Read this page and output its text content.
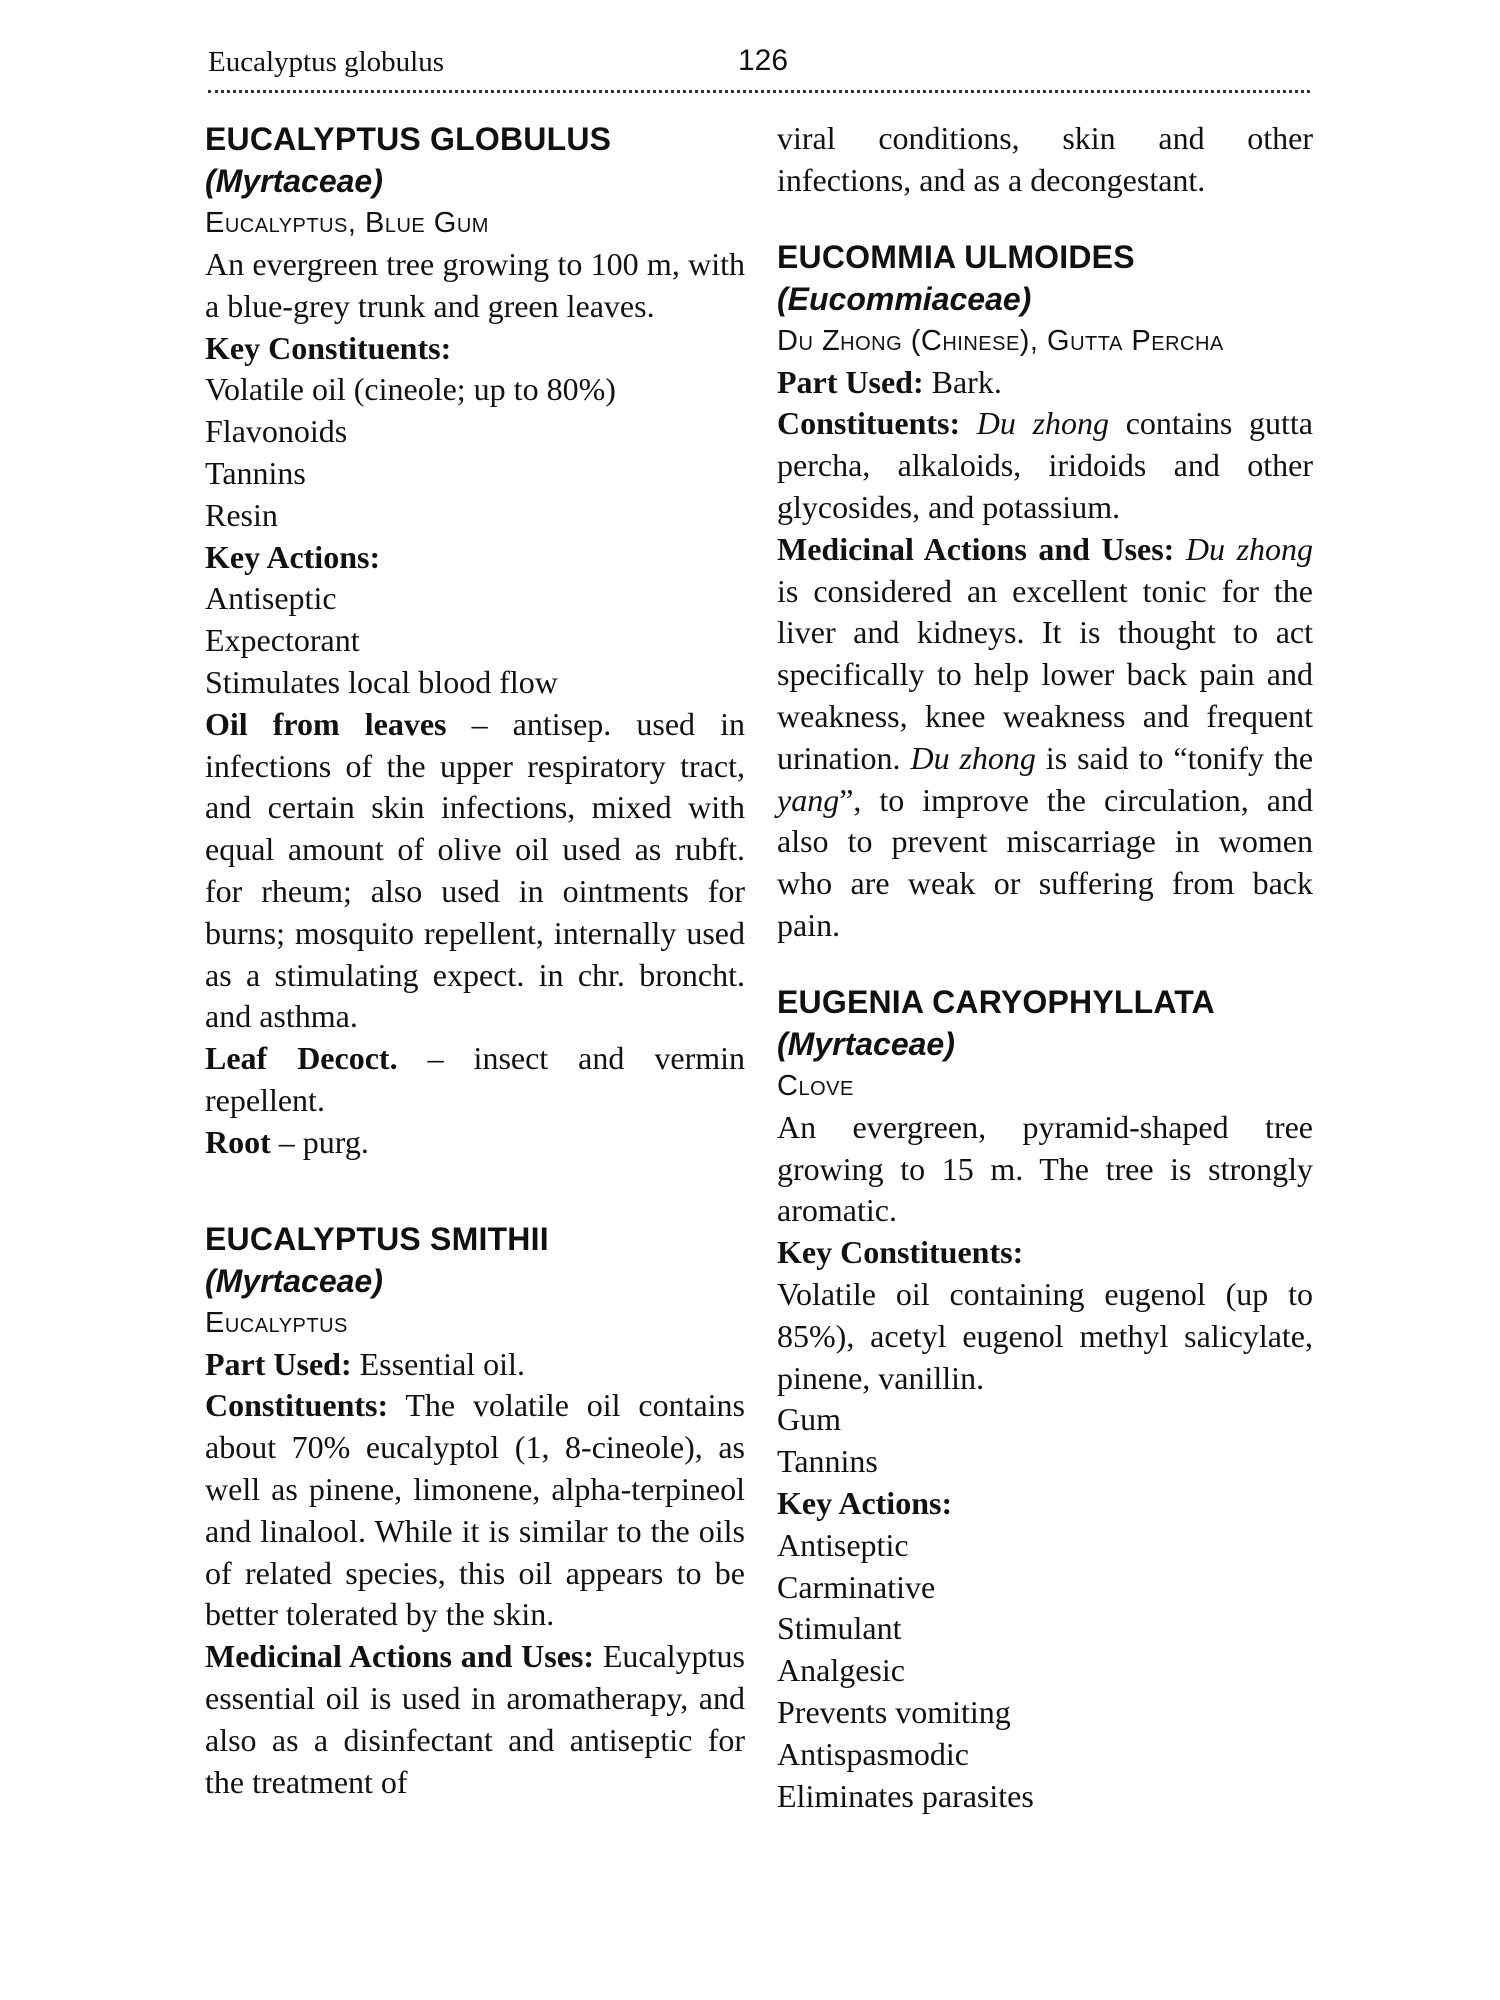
Eucalyptus globulus	126

EUCALYPTUS GLOBULUS

(Myrtaceae)

Eucalyptus, Blue Gum

An evergreen tree growing to 100 m, with a blue-grey trunk and green leaves.

Key Constituents:

Volatile oil (cineole; up to 80%)

Flavonoids

Tannins

Resin

Key Actions:

Antiseptic

Expectorant

Stimulates local blood flow

Oil from leaves – antisep. used in infections of the upper respiratory tract, and certain skin infections, mixed with equal amount of olive oil used as rubft. for rheum; also used in ointments for burns; mosquito repellent, internally used as a stimulating expect. in chr. broncht. and asthma.

Leaf Decoct. – insect and vermin repellent.

Root – purg.

EUCALYPTUS SMITHII

(Myrtaceae)

Eucalyptus

Part Used: Essential oil.

Constituents: The volatile oil contains about 70% eucalyptol (1, 8-cineole), as well as pinene, limonene, alpha-terpineol and linalool. While it is similar to the oils of related species, this oil appears to be better tolerated by the skin.

Medicinal Actions and Uses: Eucalyptus essential oil is used in aromatherapy, and also as a disinfectant and antiseptic for the treatment of

viral conditions, skin and other infections, and as a decongestant.

EUCOMMIA ULMOIDES

(Eucommiaceae)

Du Zhong (Chinese), Gutta Percha

Part Used: Bark.

Constituents: Du zhong contains gutta percha, alkaloids, iridoids and other glycosides, and potassium.

Medicinal Actions and Uses: Du zhong is considered an excellent tonic for the liver and kidneys. It is thought to act specifically to help lower back pain and weakness, knee weakness and frequent urination. Du zhong is said to “tonify the yang”, to improve the circulation, and also to prevent miscarriage in women who are weak or suffering from back pain.

EUGENIA CARYOPHYLLATA

(Myrtaceae)

Clove

An evergreen, pyramid-shaped tree growing to 15 m. The tree is strongly aromatic.

Key Constituents:

Volatile oil containing eugenol (up to 85%), acetyl eugenol methyl salicylate, pinene, vanillin.

Gum

Tannins

Key Actions:

Antiseptic

Carminative

Stimulant

Analgesic

Prevents vomiting

Antispasmodic

Eliminates parasites
